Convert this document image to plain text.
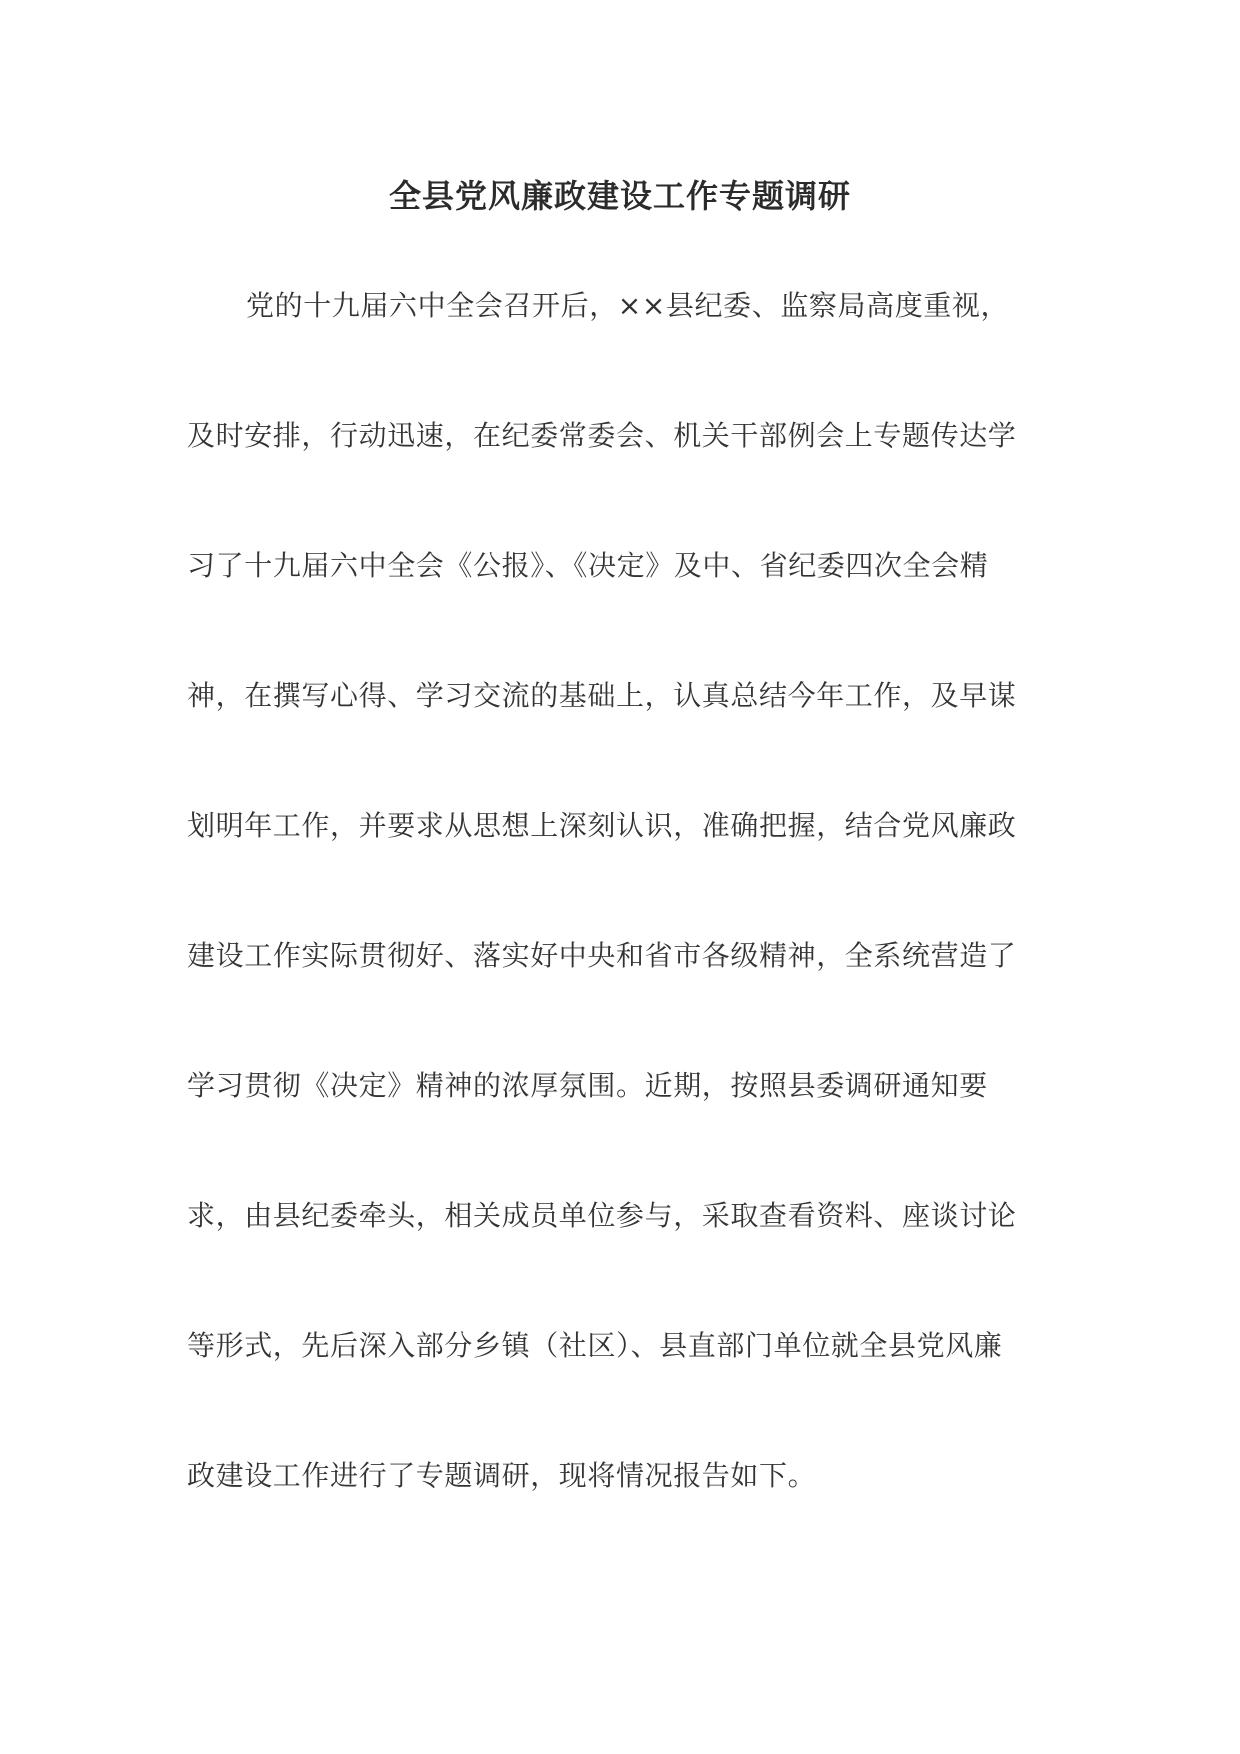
全县党风廉政建设工作专题调研
党的十九届六中全会召开后，××县纪委、监察局高度重视，
及时安排，行动迅速，在纪委常委会、机关干部例会上专题传达学
习了十九届六中全会《公报》、《决定》及中、省纪委四次全会精
神，在撰写心得、学习交流的基础上，认真总结今年工作，及早谋
划明年工作，并要求从思想上深刻认识，准确把握，结合党风廉政
建设工作实际贯彻好、落实好中央和省市各级精神，全系统营造了
学习贯彻《决定》精神的浓厚氛围。近期，按照县委调研通知要
求，由县纪委牵头，相关成员单位参与，采取查看资料、座谈讨论
等形式，先后深入部分乡镇（社区）、县直部门单位就全县党风廉
政建设工作进行了专题调研，现将情况报告如下。
